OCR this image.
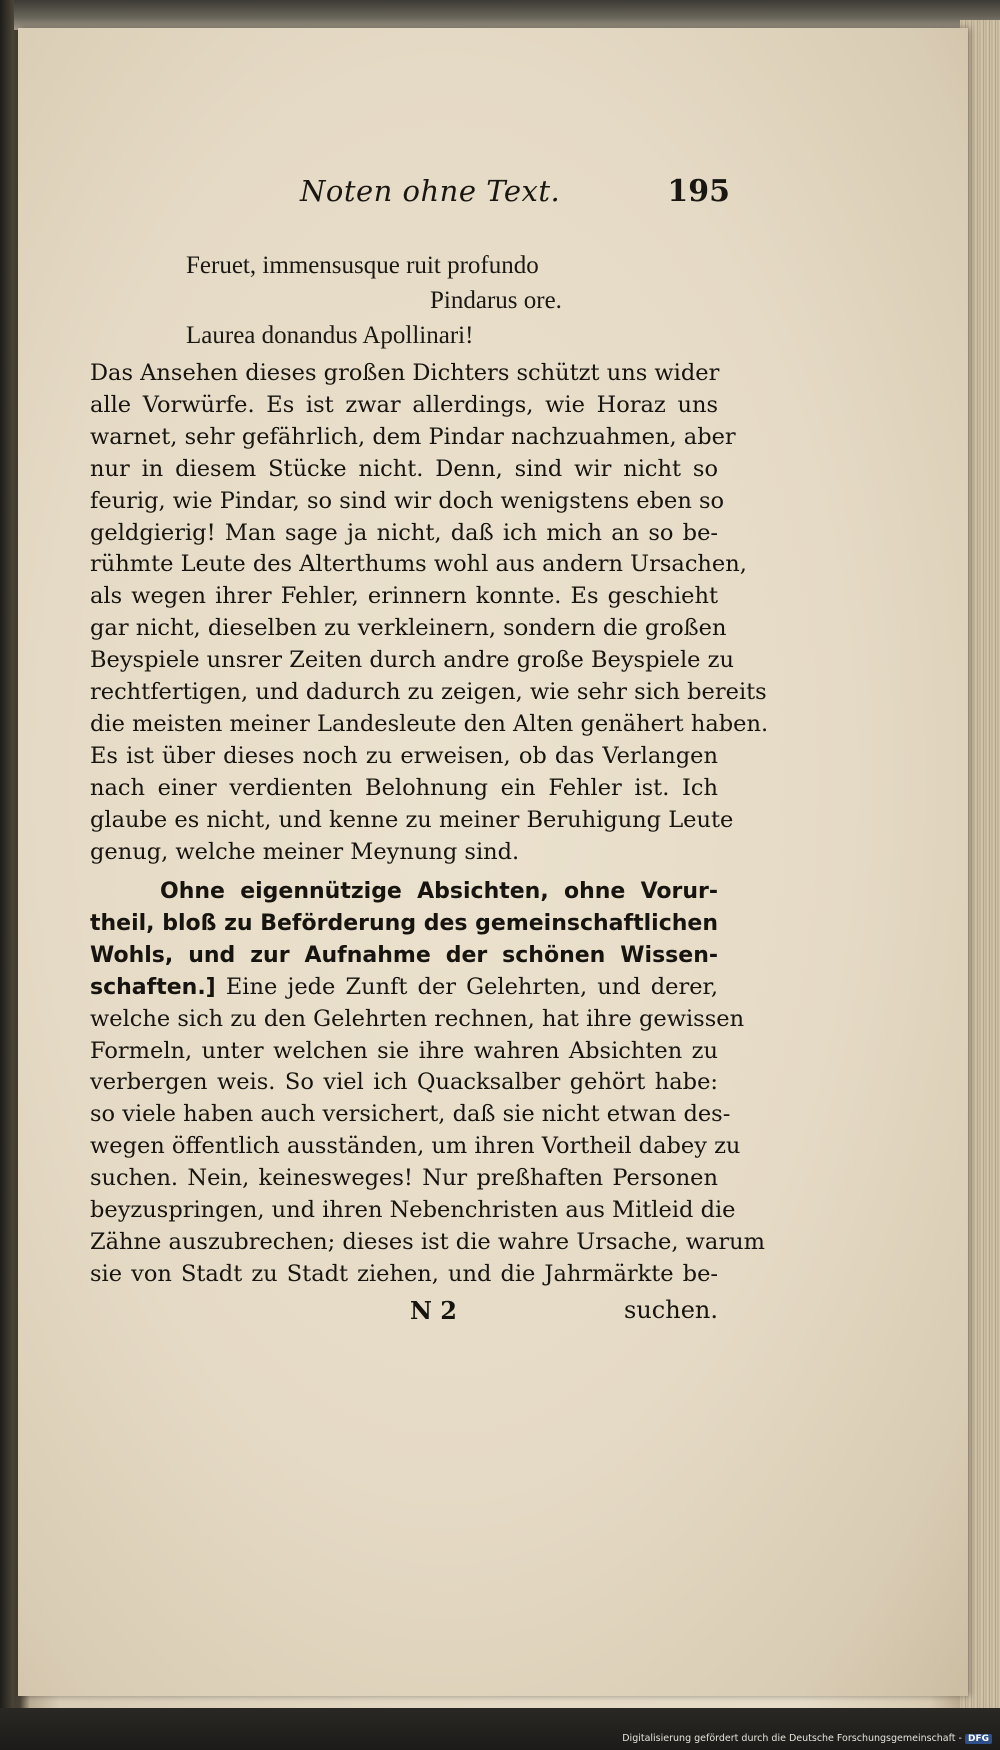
Noten ohne Text.	195
Feruet, immensusque ruit profundo
Pindarus ore.
Laurea donandus Apollinari!
Das Ansehen dieses großen Dichters schützt uns wider
alle Vorwürfe. Es ist zwar allerdings, wie Horaz uns
warnet, sehr gefährlich, dem Pindar nachzuahmen, aber
nur in diesem Stücke nicht. Denn, sind wir nicht so
feurig, wie Pindar, so sind wir doch wenigstens eben so
geldgierig! Man sage ja nicht, daß ich mich an so be-
rühmte Leute des Alterthums wohl aus andern Ursachen,
als wegen ihrer Fehler, erinnern konnte. Es geschieht
gar nicht, dieselben zu verkleinern, sondern die großen
Beyspiele unsrer Zeiten durch andre große Beyspiele zu
rechtfertigen, und dadurch zu zeigen, wie sehr sich bereits
die meisten meiner Landesleute den Alten genähert haben.
Es ist über dieses noch zu erweisen, ob das Verlangen
nach einer verdienten Belohnung ein Fehler ist. Ich
glaube es nicht, und kenne zu meiner Beruhigung Leute
genug, welche meiner Meynung sind.
Ohne eigennützige Absichten, ohne Vorur-
theil, bloß zu Beförderung des gemeinschaftlichen
Wohls, und zur Aufnahme der schönen Wissen-
schaften.] Eine jede Zunft der Gelehrten, und derer,
welche sich zu den Gelehrten rechnen, hat ihre gewissen
Formeln, unter welchen sie ihre wahren Absichten zu
verbergen weis. So viel ich Quacksalber gehört habe:
so viele haben auch versichert, daß sie nicht etwan des-
wegen öffentlich ausständen, um ihren Vortheil dabey zu
suchen. Nein, keinesweges! Nur preßhaften Personen
beyzuspringen, und ihren Nebenchristen aus Mitleid die
Zähne auszubrechen; dieses ist die wahre Ursache, warum
sie von Stadt zu Stadt ziehen, und die Jahrmärkte be-
N 2	suchen.
Digitalisierung gefördert durch die Deutsche Forschungsgemeinschaft - DFG
